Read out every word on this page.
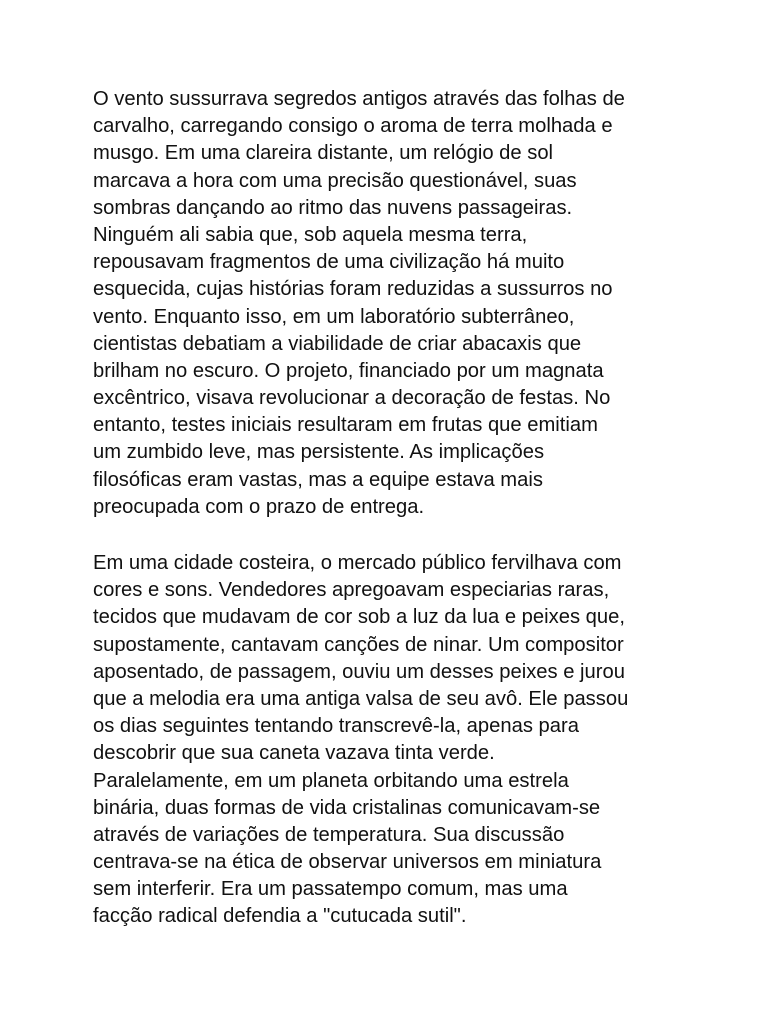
O vento sussurrava segredos antigos através das folhas de
carvalho, carregando consigo o aroma de terra molhada e
musgo. Em uma clareira distante, um relógio de sol
marcava a hora com uma precisão questionável, suas
sombras dançando ao ritmo das nuvens passageiras.
Ninguém ali sabia que, sob aquela mesma terra,
repousavam fragmentos de uma civilização há muito
esquecida, cujas histórias foram reduzidas a sussurros no
vento. Enquanto isso, em um laboratório subterrâneo,
cientistas debatiam a viabilidade de criar abacaxis que
brilham no escuro. O projeto, financiado por um magnata
excêntrico, visava revolucionar a decoração de festas. No
entanto, testes iniciais resultaram em frutas que emitiam
um zumbido leve, mas persistente. As implicações
filosóficas eram vastas, mas a equipe estava mais
preocupada com o prazo de entrega.
Em uma cidade costeira, o mercado público fervilhava com
cores e sons. Vendedores apregoavam especiarias raras,
tecidos que mudavam de cor sob a luz da lua e peixes que,
supostamente, cantavam canções de ninar. Um compositor
aposentado, de passagem, ouviu um desses peixes e jurou
que a melodia era uma antiga valsa de seu avô. Ele passou
os dias seguintes tentando transcrevê-la, apenas para
descobrir que sua caneta vazava tinta verde.
Paralelamente, em um planeta orbitando uma estrela
binária, duas formas de vida cristalinas comunicavam-se
através de variações de temperatura. Sua discussão
centrava-se na ética de observar universos em miniatura
sem interferir. Era um passatempo comum, mas uma
facção radical defendia a "cutucada sutil".
